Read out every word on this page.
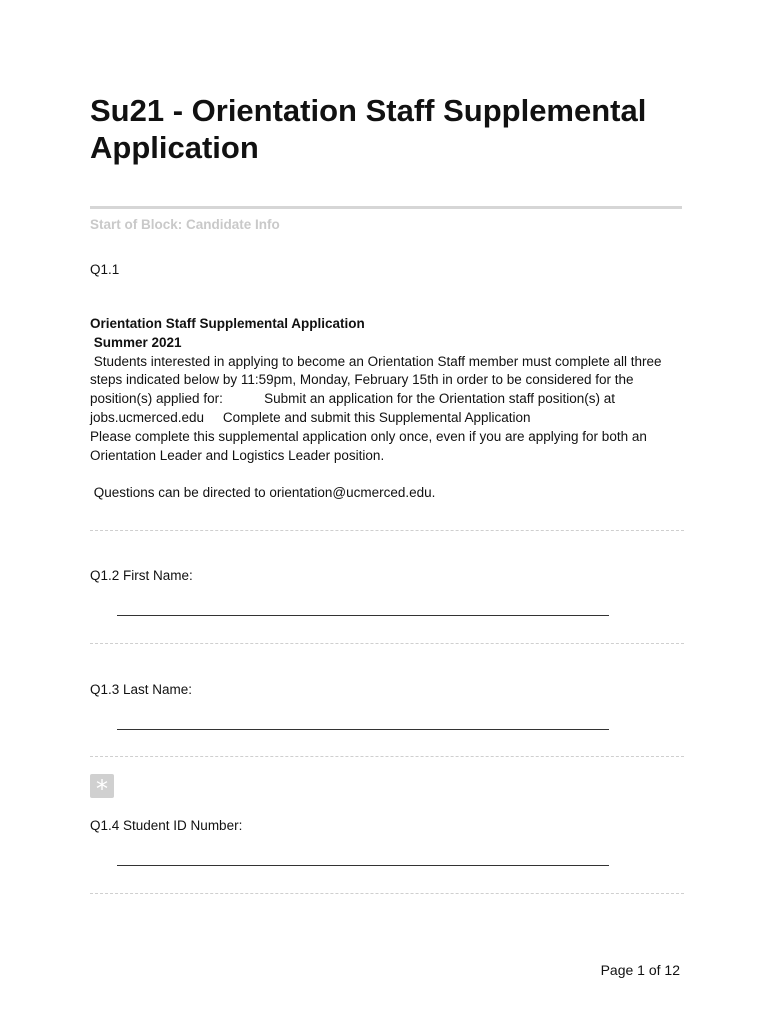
Su21 - Orientation Staff Supplemental Application
Start of Block: Candidate Info
Q1.1
Orientation Staff Supplemental Application
Summer 2021
Students interested in applying to become an Orientation Staff member must complete all three
steps indicated below by 11:59pm, Monday, February 15th in order to be considered for the
position(s) applied for:           Submit an application for the Orientation staff position(s) at
jobs.ucmerced.edu     Complete and submit this Supplemental Application
Please complete this supplemental application only once, even if you are applying for both an
Orientation Leader and Logistics Leader position.
Questions can be directed to orientation@ucmerced.edu.
Q1.2 First Name:
Q1.3 Last Name:
*
Q1.4 Student ID Number:
Page 1 of 12
